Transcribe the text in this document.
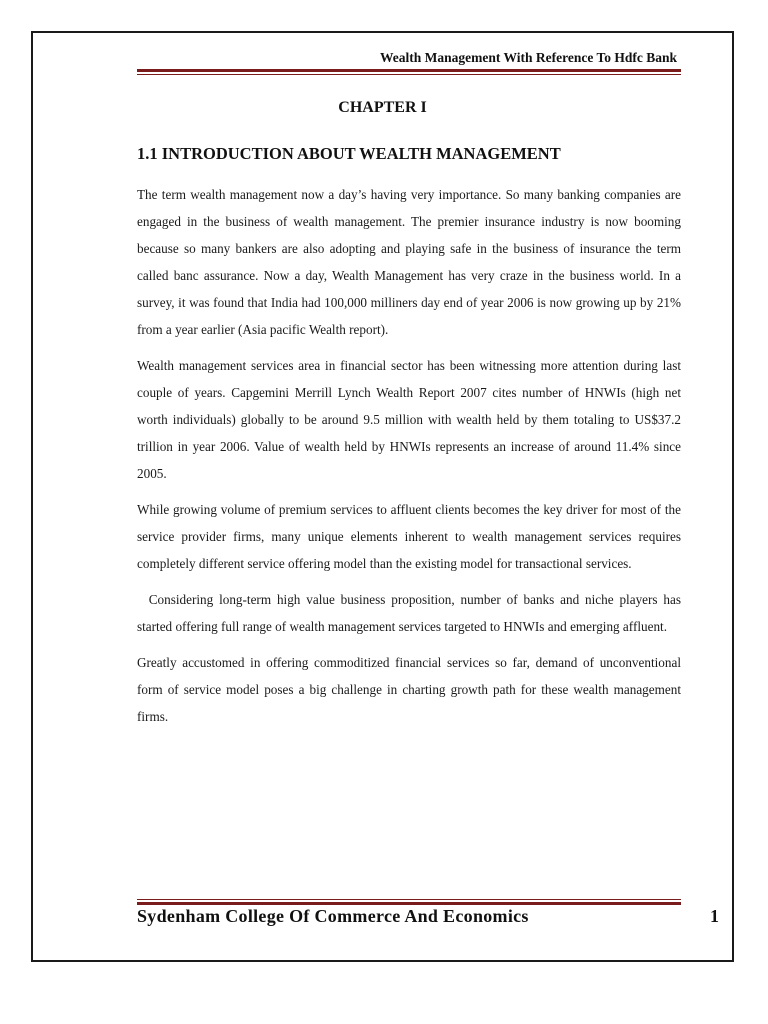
Wealth Management With Reference To Hdfc Bank
CHAPTER I
1.1 INTRODUCTION ABOUT WEALTH MANAGEMENT

The term wealth management now a day’s having very importance. So many banking companies are engaged in the business of wealth management. The premier insurance industry is now booming because so many bankers are also adopting and playing safe in the business of insurance the term called banc assurance. Now a day, Wealth Management has very craze in the business world. In a survey, it was found that India had 100,000 milliners day end of year 2006 is now growing up by 21% from a year earlier (Asia pacific Wealth report).

Wealth management services area in financial sector has been witnessing more attention during last couple of years. Capgemini Merrill Lynch Wealth Report 2007 cites number of HNWIs (high net worth individuals) globally to be around 9.5 million with wealth held by them totaling to US$37.2 trillion in year 2006. Value of wealth held by HNWIs represents an increase of around 11.4% since 2005.

While growing volume of premium services to affluent clients becomes the key driver for most of the service provider firms, many unique elements inherent to wealth management services requires completely different service offering model than the existing model for transactional services.

Considering long-term high value business proposition, number of banks and niche players has started offering full range of wealth management services targeted to HNWIs and emerging affluent.

Greatly accustomed in offering commoditized financial services so far, demand of unconventional form of service model poses a big challenge in charting growth path for these wealth management firms.

Sydenham College Of Commerce And Economics	1
